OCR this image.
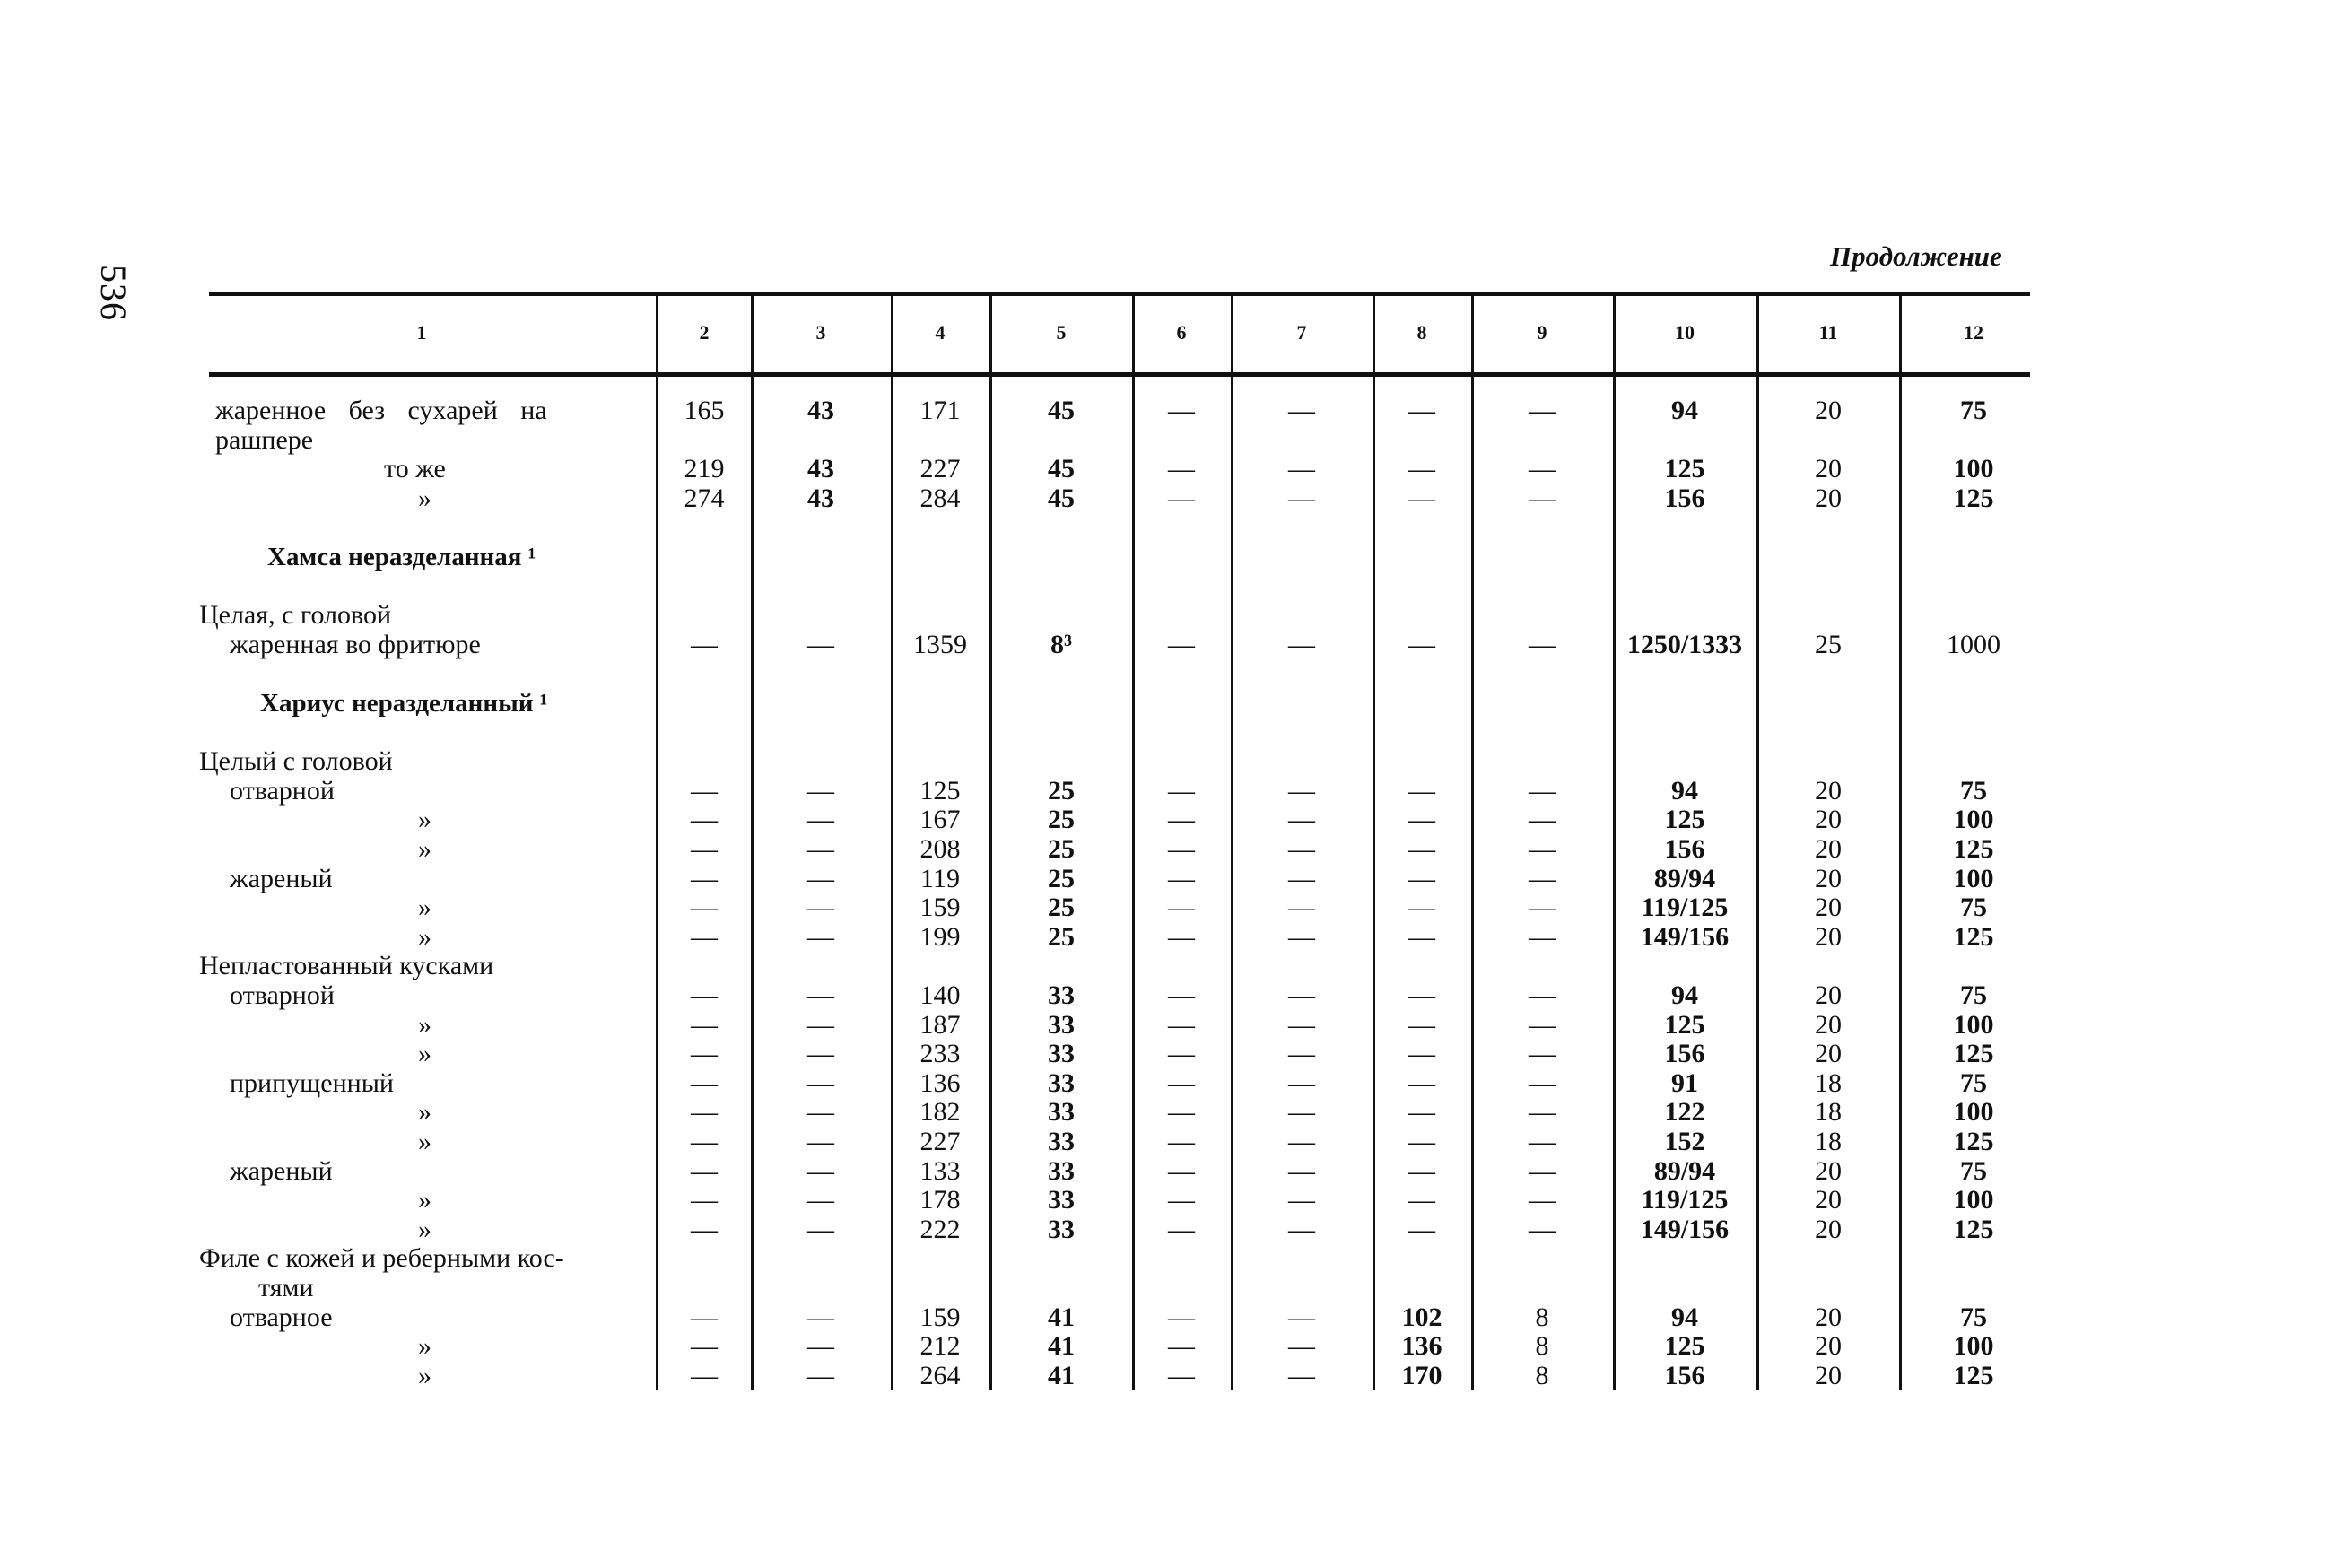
536
Продолжение
1	2	3	4	5	6	7	8	9	10	11	12
жаренное без сухарей на	165	43	171	45	—	—	—	—	94	20	75
рашпере
то же	219	43	227	45	—	—	—	—	125	20	100
»	274	43	284	45	—	—	—	—	156	20	125
Хамса неразделанная ¹
Целая, с головой
жаренная во фритюре	—	—	1359	8³	—	—	—	—	1250/1333	25	1000
Хариус неразделанный ¹
Целый с головой
отварной	—	—	125	25	—	—	—	—	94	20	75
»	—	—	167	25	—	—	—	—	125	20	100
»	—	—	208	25	—	—	—	—	156	20	125
жареный	—	—	119	25	—	—	—	—	89/94	20	100
»	—	—	159	25	—	—	—	—	119/125	20	75
»	—	—	199	25	—	—	—	—	149/156	20	125
Непластованный кусками
отварной	—	—	140	33	—	—	—	—	94	20	75
»	—	—	187	33	—	—	—	—	125	20	100
»	—	—	233	33	—	—	—	—	156	20	125
припущенный	—	—	136	33	—	—	—	—	91	18	75
»	—	—	182	33	—	—	—	—	122	18	100
»	—	—	227	33	—	—	—	—	152	18	125
жареный	—	—	133	33	—	—	—	—	89/94	20	75
»	—	—	178	33	—	—	—	—	119/125	20	100
»	—	—	222	33	—	—	—	—	149/156	20	125
Филе с кожей и реберными кос-
тями
отварное	—	—	159	41	—	—	102	8	94	20	75
»	—	—	212	41	—	—	136	8	125	20	100
»	—	—	264	41	—	—	170	8	156	20	125
